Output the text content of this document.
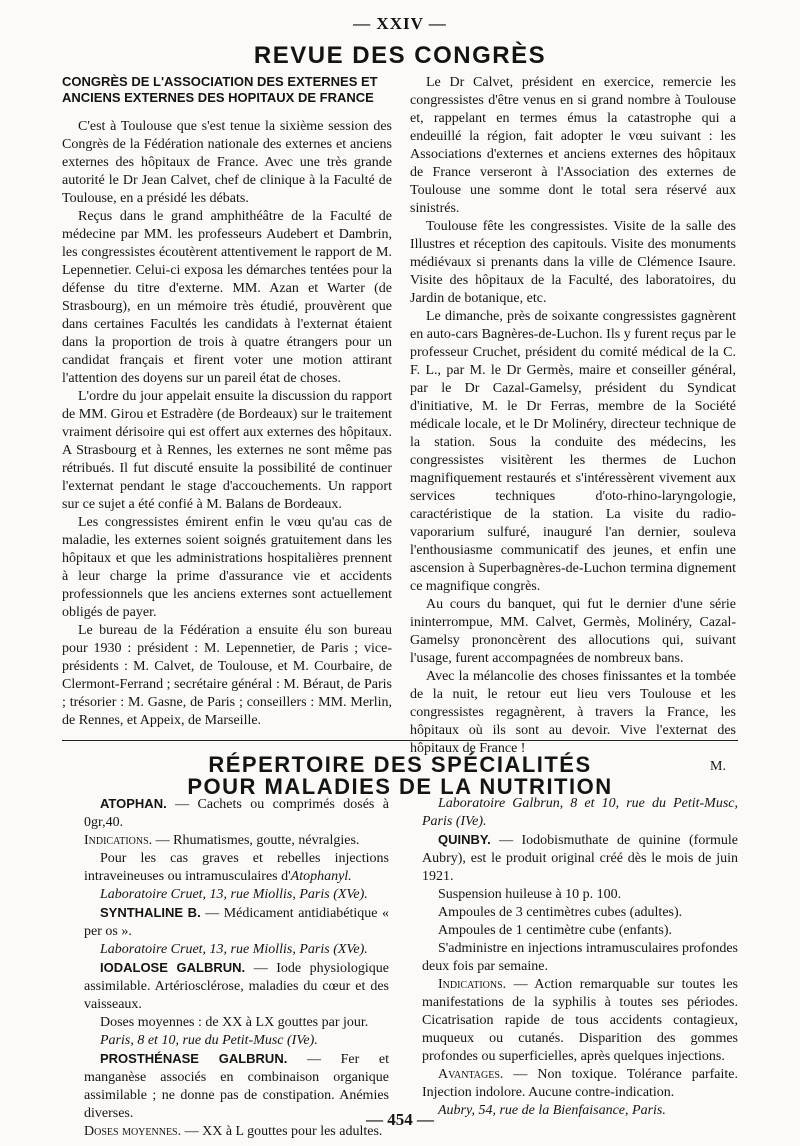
— XXIV —
REVUE DES CONGRÈS
CONGRÈS DE L'ASSOCIATION DES EXTERNES ET ANCIENS EXTERNES DES HOPITAUX DE FRANCE

C'est à Toulouse que s'est tenue la sixième session des Congrès de la Fédération nationale des externes et anciens externes des hôpitaux de France. Avec une très grande autorité le Dr Jean Calvet, chef de clinique à la Faculté de Toulouse, en a présidé les débats.

Reçus dans le grand amphithéâtre de la Faculté de médecine par MM. les professeurs Audebert et Dambrin, les congressistes écoutèrent attentivement le rapport de M. Lepennetier. Celui-ci exposa les démarches tentées pour la défense du titre d'externe. MM. Azan et Warter (de Strasbourg), en un mémoire très étudié, prouvèrent que dans certaines Facultés les candidats à l'externat étaient dans la proportion de trois à quatre étrangers pour un candidat français et firent voter une motion attirant l'attention des doyens sur un pareil état de choses.

L'ordre du jour appelait ensuite la discussion du rapport de MM. Girou et Estradère (de Bordeaux) sur le traitement vraiment dérisoire qui est offert aux externes des hôpitaux. A Strasbourg et à Rennes, les externes ne sont même pas rétribués. Il fut discuté ensuite la possibilité de continuer l'externat pendant le stage d'accouchements. Un rapport sur ce sujet a été confié à M. Balans de Bordeaux.

Les congressistes émirent enfin le vœu qu'au cas de maladie, les externes soient soignés gratuitement dans les hôpitaux et que les administrations hospitalières prennent à leur charge la prime d'assurance vie et accidents professionnels que les anciens externes sont actuellement obligés de payer.

Le bureau de la Fédération a ensuite élu son bureau pour 1930 : président : M. Lepennetier, de Paris ; vice-présidents : M. Calvet, de Toulouse, et M. Courbaire, de Clermont-Ferrand ; secrétaire général : M. Béraut, de Paris ; trésorier : M. Gasne, de Paris ; conseillers : MM. Merlin, de Rennes, et Appeix, de Marseille.

Le Dr Calvet, président en exercice, remercie les congressistes d'être venus en si grand nombre à Toulouse et, rappelant en termes émus la catastrophe qui a endeuillé la région, fait adopter le vœu suivant : les Associations d'externes et anciens externes des hôpitaux de France verseront à l'Association des externes de Toulouse une somme dont le total sera réservé aux sinistrés.

Toulouse fête les congressistes. Visite de la salle des Illustres et réception des capitouls. Visite des monuments médiévaux si prenants dans la ville de Clémence Isaure. Visite des hôpitaux de la Faculté, des laboratoires, du Jardin de botanique, etc.

Le dimanche, près de soixante congressistes gagnèrent en auto-cars Bagnères-de-Luchon. Ils y furent reçus par le professeur Cruchet, président du comité médical de la C. F. L., par M. le Dr Germès, maire et conseiller général, par le Dr Cazal-Gamelsy, président du Syndicat d'initiative, M. le Dr Ferras, membre de la Société médicale locale, et le Dr Molinéry, directeur technique de la station. Sous la conduite des médecins, les congressistes visitèrent les thermes de Luchon magnifiquement restaurés et s'intéressèrent vivement aux services techniques d'oto-rhino-laryngologie, caractéristique de la station. La visite du radio-vaporarium sulfuré, inauguré l'an dernier, souleva l'enthousiasme communicatif des jeunes, et enfin une ascension à Superbagnères-de-Luchon termina dignement ce magnifique congrès.

Au cours du banquet, qui fut le dernier d'une série ininterrompue, MM. Calvet, Germès, Molinéry, Cazal-Gamelsy prononcèrent des allocutions qui, suivant l'usage, furent accompagnées de nombreux bans.

Avec la mélancolie des choses finissantes et la tombée de la nuit, le retour eut lieu vers Toulouse et les congressistes regagnèrent, à travers la France, les hôpitaux où ils sont au devoir. Vive l'externat des hôpitaux de France !

M.

RÉPERTOIRE DES SPÉCIALITÉS
POUR MALADIES DE LA NUTRITION

ATOPHAN. — Cachets ou comprimés dosés à 0gr,40.

Indications. — Rhumatismes, goutte, névralgies.

Pour les cas graves et rebelles injections intraveineuses ou intramusculaires d'Atophanyl.

Laboratoire Cruet, 13, rue Miollis, Paris (XVe).

SYNTHALINE B. — Médicament antidiabétique « per os ».

Laboratoire Cruet, 13, rue Miollis, Paris (XVe).

IODALOSE GALBRUN. — Iode physiologique assimilable. Artériosclérose, maladies du cœur et des vaisseaux.

Doses moyennes : de XX à LX gouttes par jour.

Paris, 8 et 10, rue du Petit-Musc (IVe).

PROSTHÉNASE GALBRUN. — Fer et manganèse associés en combinaison organique assimilable ; ne donne pas de constipation. Anémies diverses.

Doses moyennes. — XX à L gouttes pour les adultes.

Laboratoire Galbrun, 8 et 10, rue du Petit-Musc, Paris (IVe).

QUINBY. — Iodobismuthate de quinine (formule Aubry), est le produit original créé dès le mois de juin 1921.

Suspension huileuse à 10 p. 100.

Ampoules de 3 centimètres cubes (adultes).

Ampoules de 1 centimètre cube (enfants).

S'administre en injections intramusculaires profondes deux fois par semaine.

Indications. — Action remarquable sur toutes les manifestations de la syphilis à toutes ses périodes. Cicatrisation rapide de tous accidents contagieux, muqueux ou cutanés. Disparition des gommes profondes ou superficielles, après quelques injections.

Avantages. — Non toxique. Tolérance parfaite. Injection indolore. Aucune contre-indication.

Aubry, 54, rue de la Bienfaisance, Paris.

— 454 —
